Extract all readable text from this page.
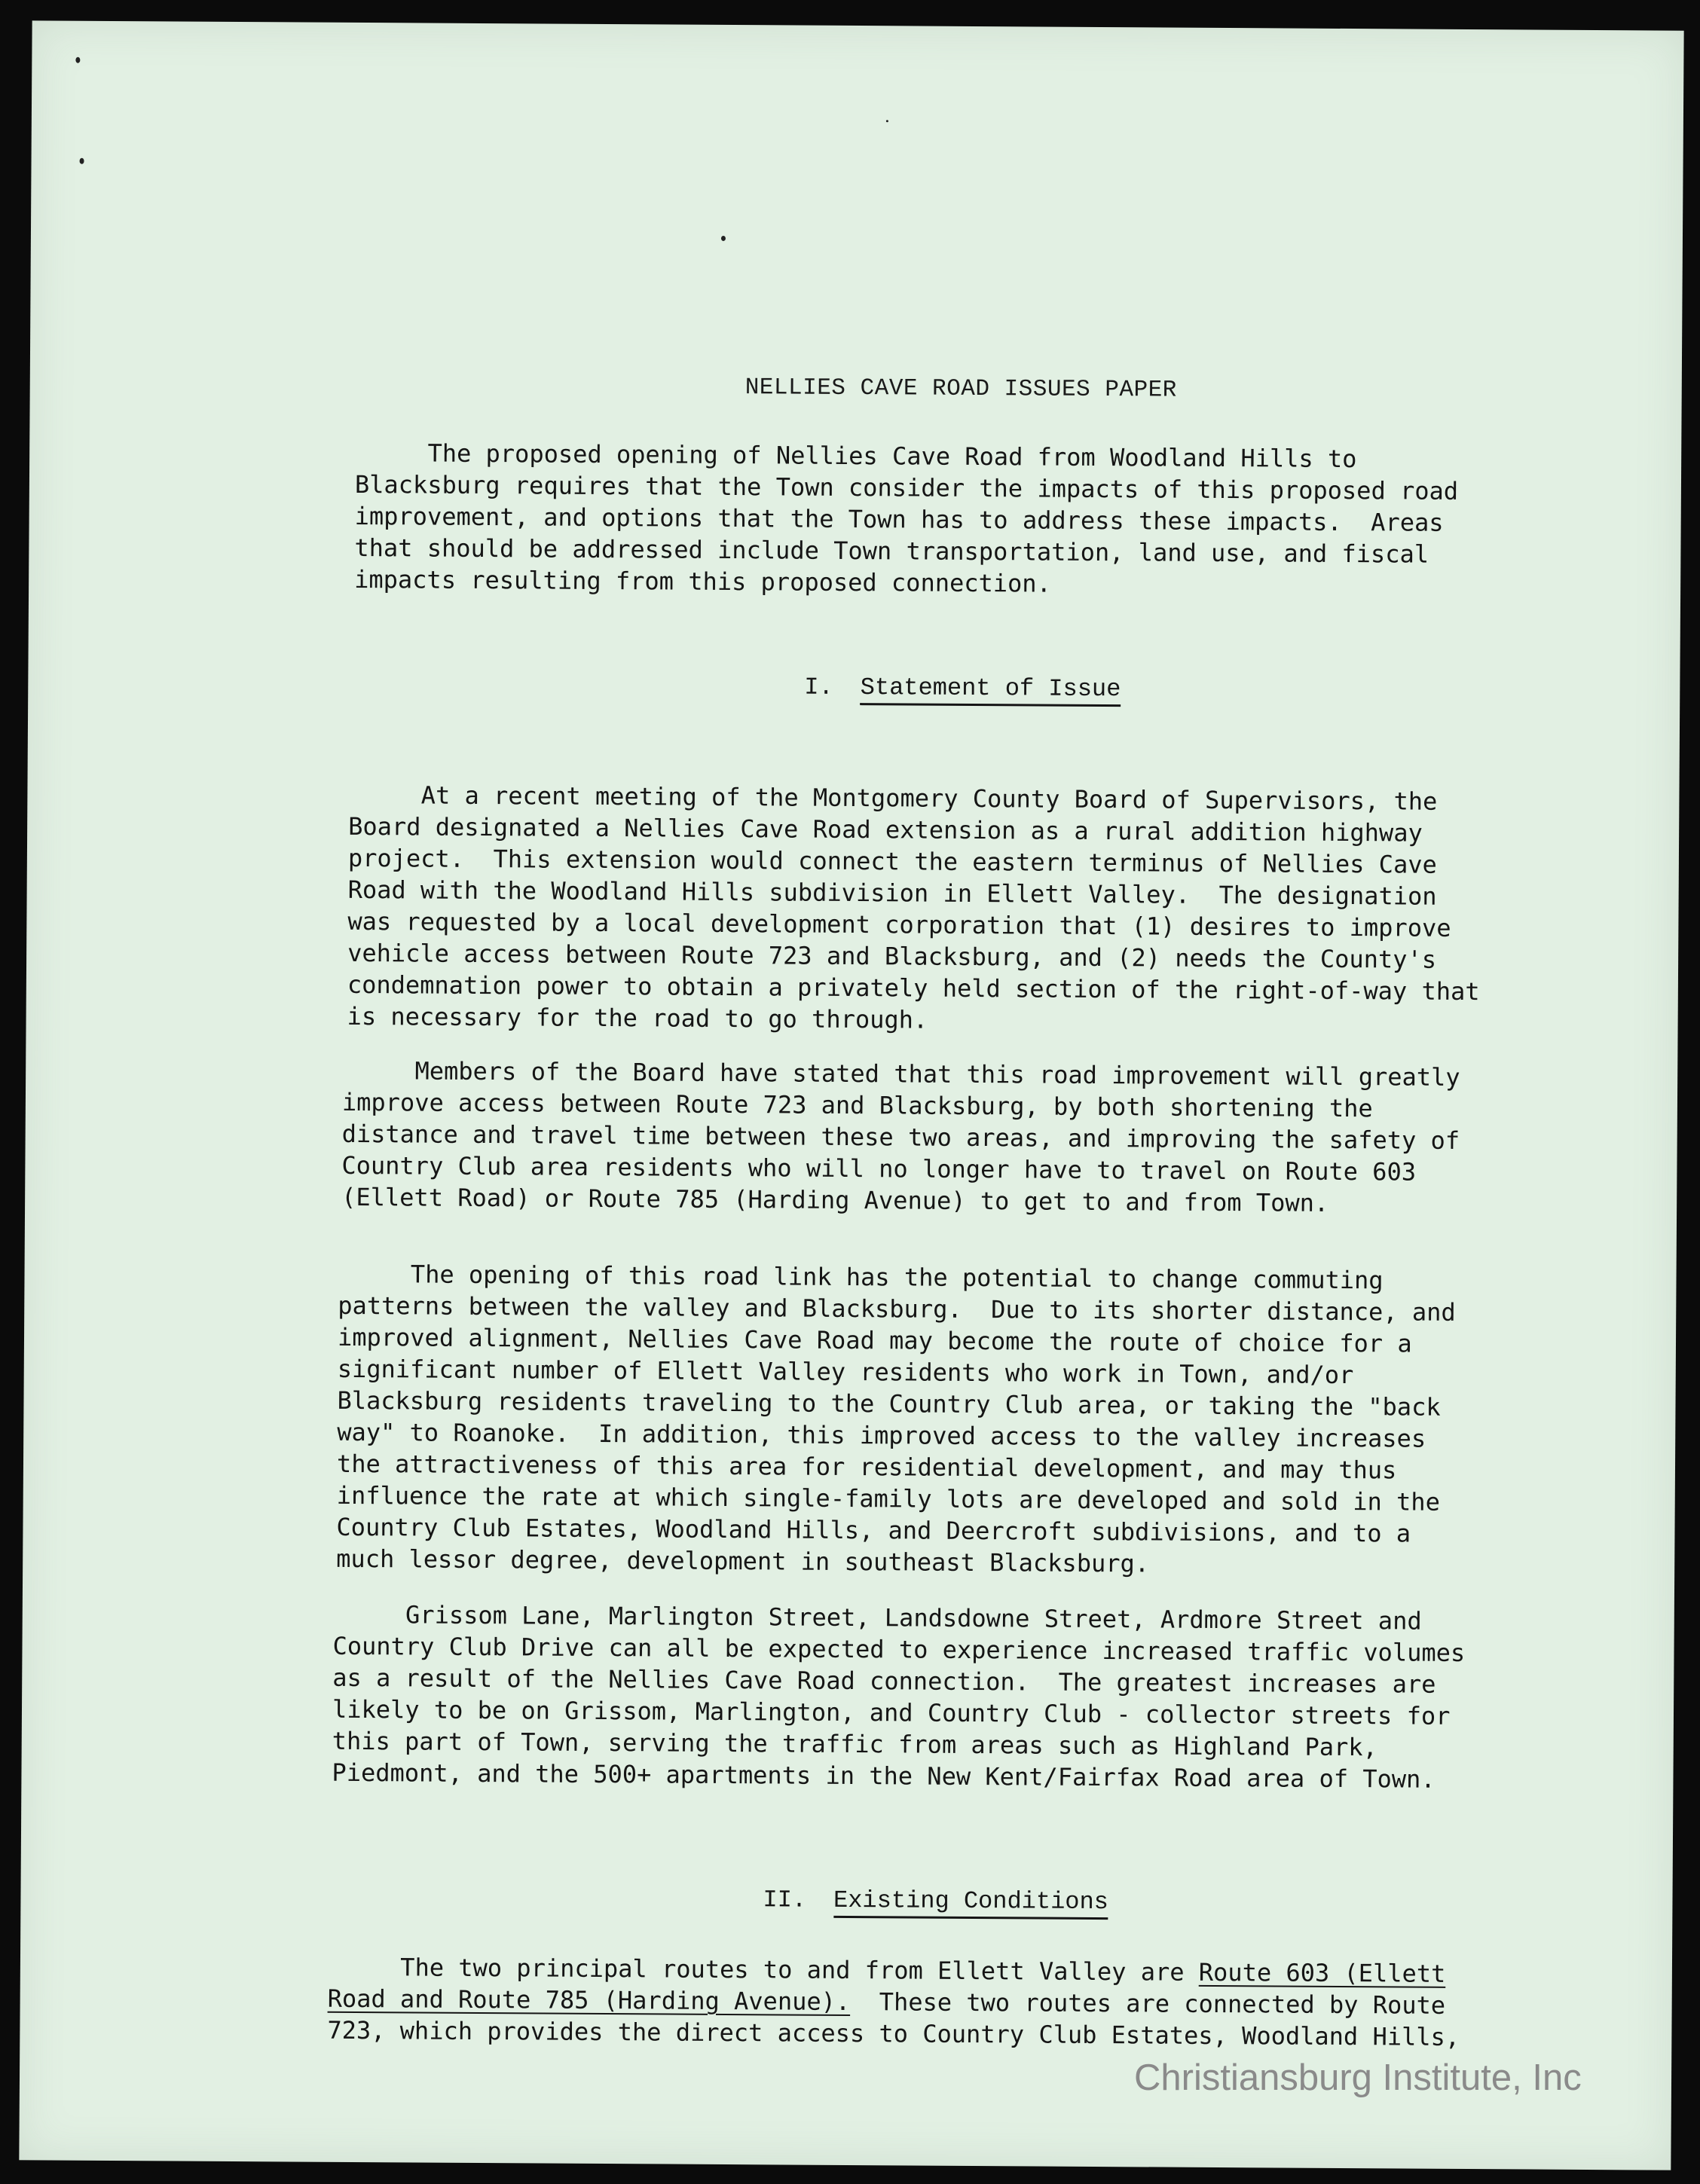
NELLIES CAVE ROAD ISSUES PAPER
The proposed opening of Nellies Cave Road from Woodland Hills to
Blacksburg requires that the Town consider the impacts of this proposed road
improvement, and options that the Town has to address these impacts.  Areas
that should be addressed include Town transportation, land use, and fiscal
impacts resulting from this proposed connection.
I. Statement of Issue
At a recent meeting of the Montgomery County Board of Supervisors, the
Board designated a Nellies Cave Road extension as a rural addition highway
project.  This extension would connect the eastern terminus of Nellies Cave
Road with the Woodland Hills subdivision in Ellett Valley.  The designation
was requested by a local development corporation that (1) desires to improve
vehicle access between Route 723 and Blacksburg, and (2) needs the County's
condemnation power to obtain a privately held section of the right-of-way that
is necessary for the road to go through.
Members of the Board have stated that this road improvement will greatly
improve access between Route 723 and Blacksburg, by both shortening the
distance and travel time between these two areas, and improving the safety of
Country Club area residents who will no longer have to travel on Route 603
(Ellett Road) or Route 785 (Harding Avenue) to get to and from Town.
The opening of this road link has the potential to change commuting
patterns between the valley and Blacksburg.  Due to its shorter distance, and
improved alignment, Nellies Cave Road may become the route of choice for a
significant number of Ellett Valley residents who work in Town, and/or
Blacksburg residents traveling to the Country Club area, or taking the "back
way" to Roanoke.  In addition, this improved access to the valley increases
the attractiveness of this area for residential development, and may thus
influence the rate at which single-family lots are developed and sold in the
Country Club Estates, Woodland Hills, and Deercroft subdivisions, and to a
much lessor degree, development in southeast Blacksburg.
Grissom Lane, Marlington Street, Landsdowne Street, Ardmore Street and
Country Club Drive can all be expected to experience increased traffic volumes
as a result of the Nellies Cave Road connection.  The greatest increases are
likely to be on Grissom, Marlington, and Country Club - collector streets for
this part of Town, serving the traffic from areas such as Highland Park,
Piedmont, and the 500+ apartments in the New Kent/Fairfax Road area of Town.
II. Existing Conditions
The two principal routes to and from Ellett Valley are Route 603 (Ellett
Road and Route 785 (Harding Avenue).  These two routes are connected by Route
723, which provides the direct access to Country Club Estates, Woodland Hills,
Christiansburg Institute, Inc
